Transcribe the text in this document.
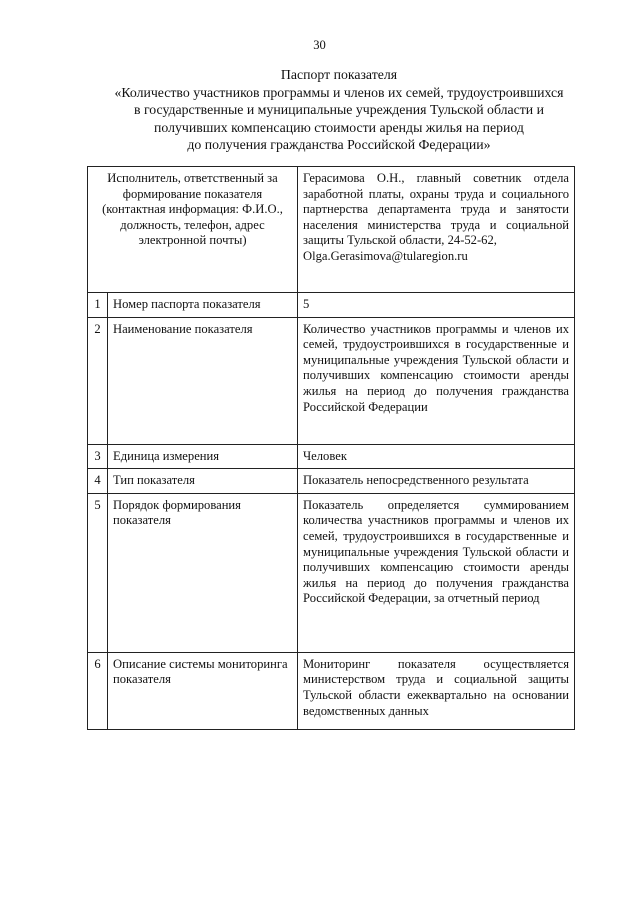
30
Паспорт показателя
«Количество участников программы и членов их семей, трудоустроившихся
в государственные и муниципальные учреждения Тульской области и
получивших компенсацию стоимости аренды жилья на период
до получения гражданства Российской Федерации»
Исполнитель, ответственный за формирование показателя (контактная информация: Ф.И.О., должность, телефон, адрес электронной почты)		Герасимова О.Н., главный советник отдела заработной платы, охраны труда и социального партнерства департамента труда и занятости населения министерства труда и социальной защиты Тульской области, 24-52-62,
Olga.Gerasimova@tularegion.ru
1	Номер паспорта показателя	5
2	Наименование показателя	Количество участников программы и членов их семей, трудоустроившихся в государственные и муниципальные учреждения Тульской области и получивших компенсацию стоимости аренды жилья на период до получения гражданства Российской Федерации
3	Единица измерения	Человек
4	Тип показателя	Показатель непосредственного результата
5	Порядок формирования показателя	Показатель определяется суммированием количества участников программы и членов их семей, трудоустроившихся в государственные и муниципальные учреждения Тульской области и получивших компенсацию стоимости аренды жилья на период до получения гражданства Российской Федерации, за отчетный период
6	Описание системы мониторинга показателя	Мониторинг показателя осуществляется министерством труда и социальной защиты Тульской области ежеквартально на основании ведомственных данных
